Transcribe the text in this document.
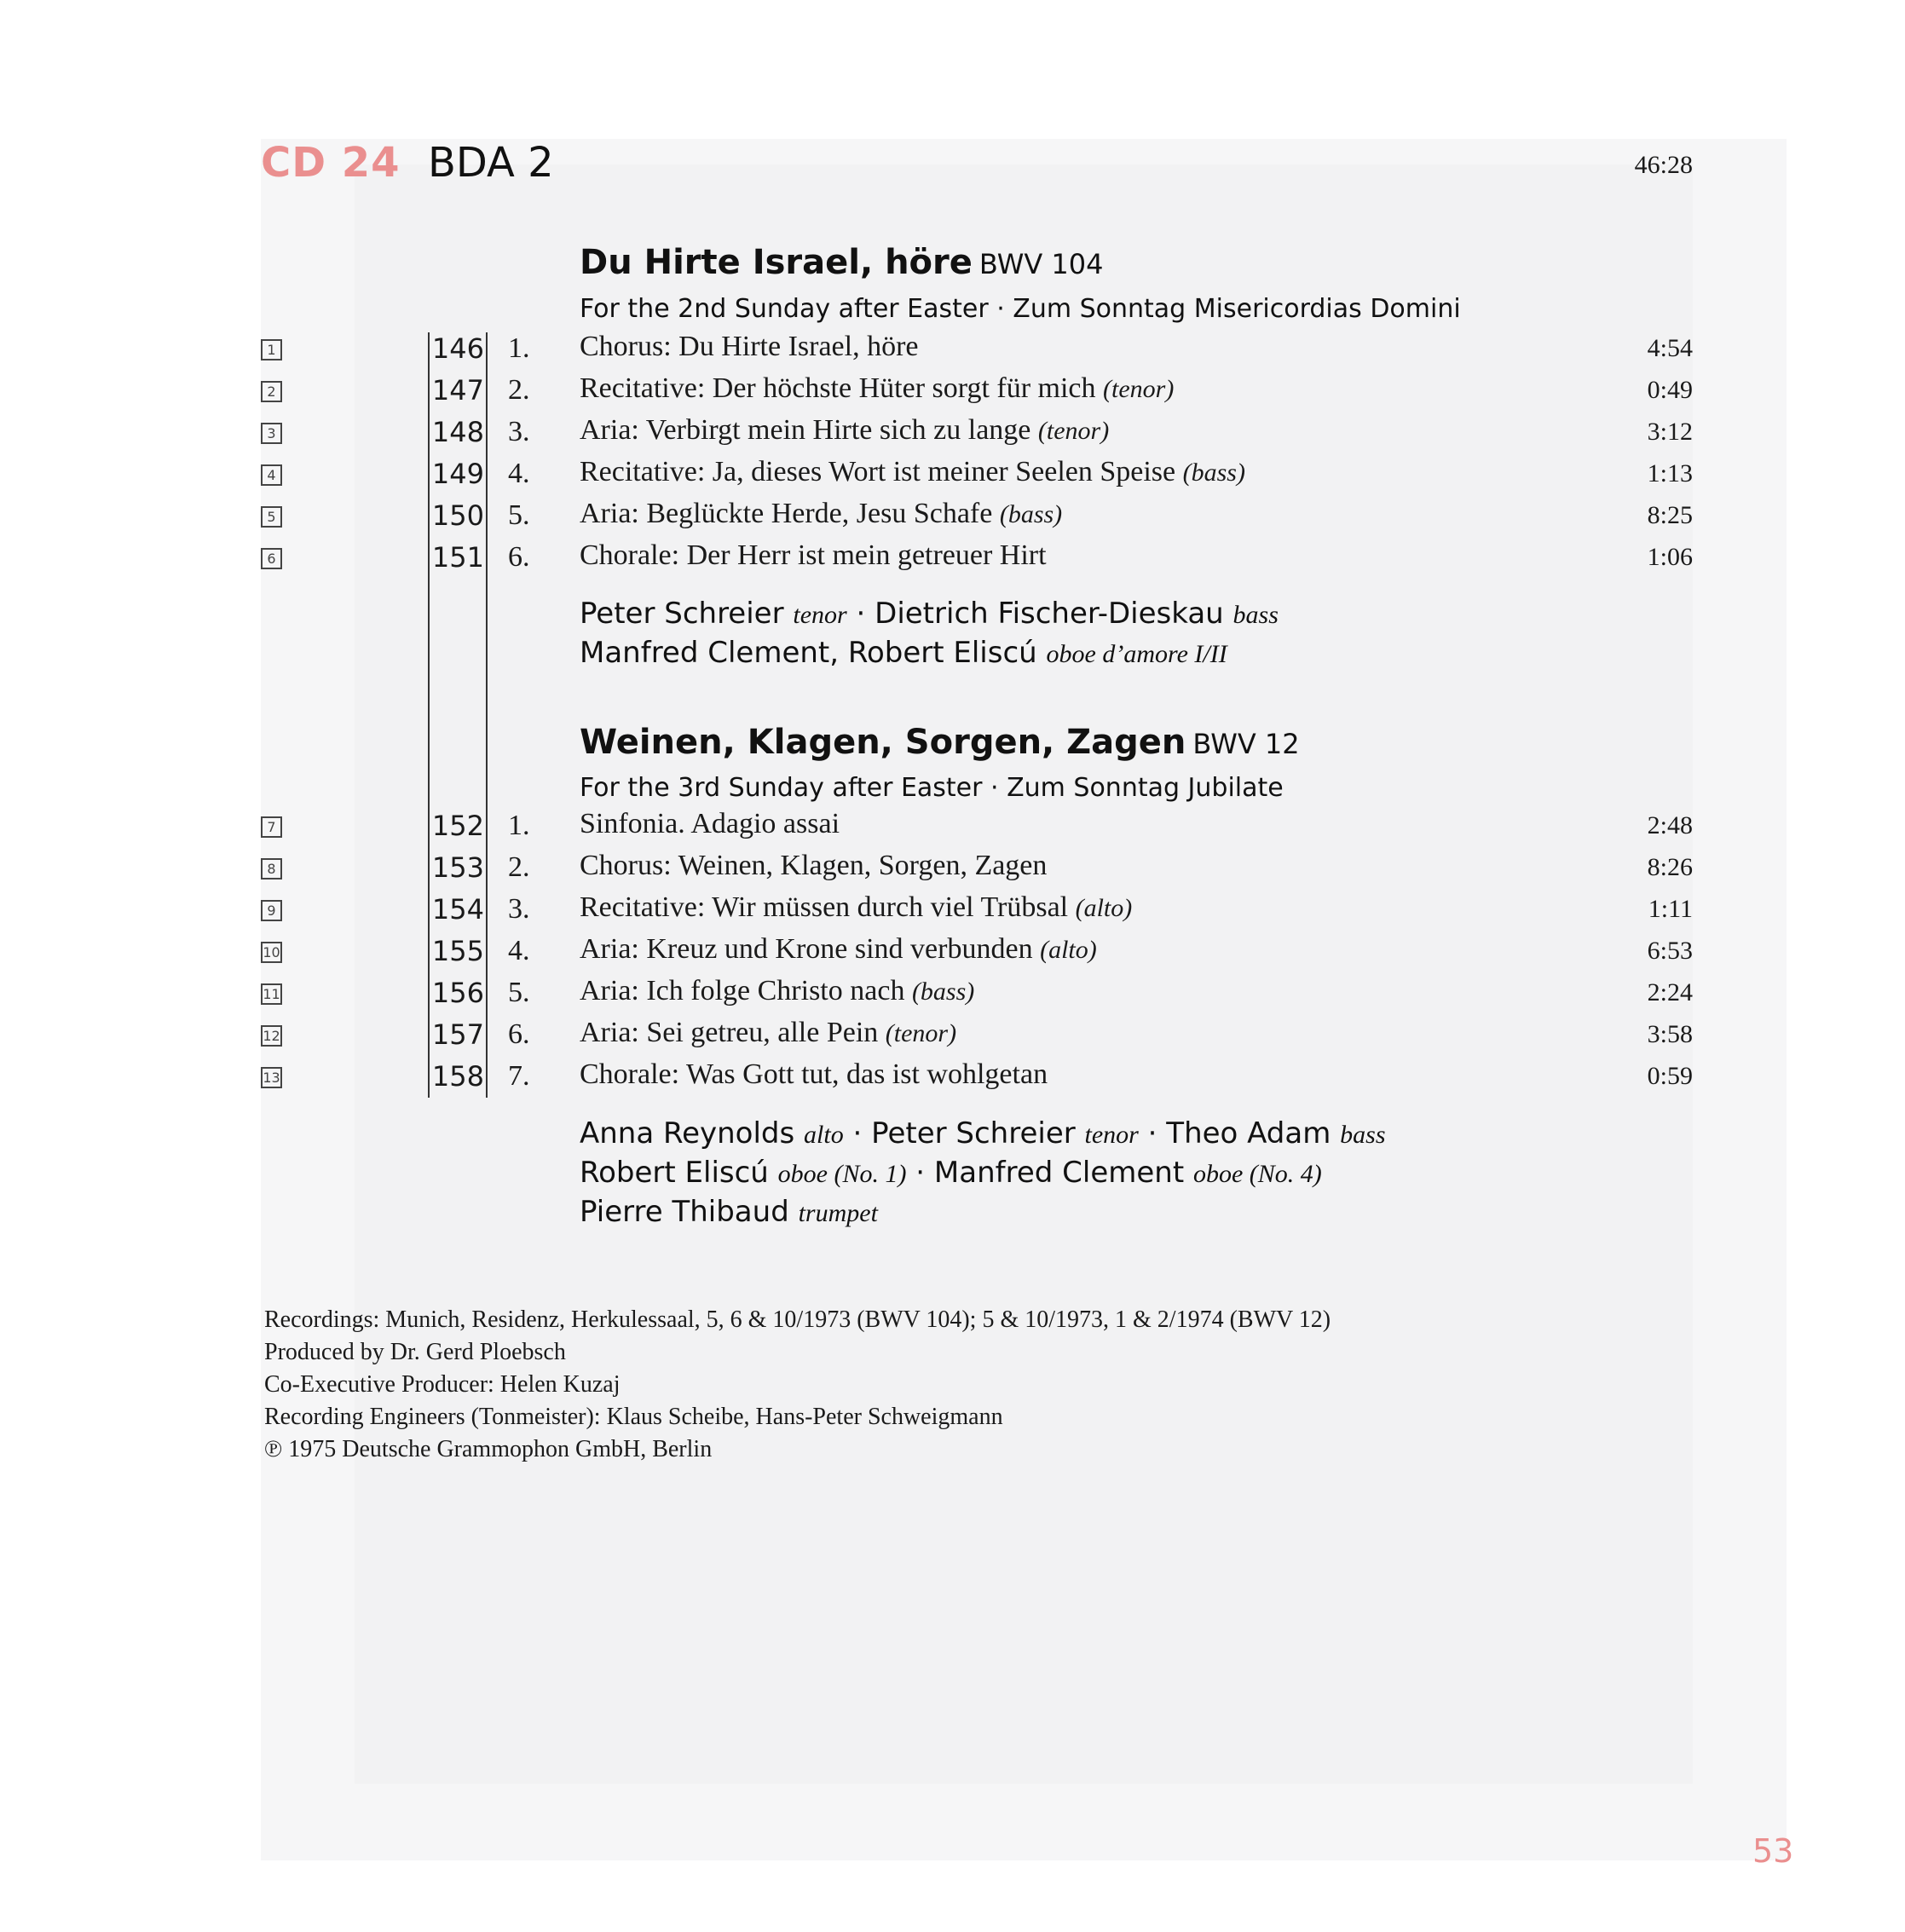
CD 24 BDA 2	46:28
Du Hirte Israel, höre BWV 104
For the 2nd Sunday after Easter · Zum Sonntag Misericordias Domini
1	146 1. Chorus: Du Hirte Israel, höre	4:54
2	147 2. Recitative: Der höchste Hüter sorgt für mich (tenor)	0:49
3	148 3. Aria: Verbirgt mein Hirte sich zu lange (tenor)	3:12
4	149 4. Recitative: Ja, dieses Wort ist meiner Seelen Speise (bass)	1:13
5	150 5. Aria: Beglückte Herde, Jesu Schafe (bass)	8:25
6	151 6. Chorale: Der Herr ist mein getreuer Hirt	1:06
Peter Schreier tenor · Dietrich Fischer-Dieskau bass
Manfred Clement, Robert Eliscú oboe d’amore I/II
Weinen, Klagen, Sorgen, Zagen BWV 12
For the 3rd Sunday after Easter · Zum Sonntag Jubilate
7	152 1. Sinfonia. Adagio assai	2:48
8	153 2. Chorus: Weinen, Klagen, Sorgen, Zagen	8:26
9	154 3. Recitative: Wir müssen durch viel Trübsal (alto)	1:11
10	155 4. Aria: Kreuz und Krone sind verbunden (alto)	6:53
11	156 5. Aria: Ich folge Christo nach (bass)	2:24
12	157 6. Aria: Sei getreu, alle Pein (tenor)	3:58
13	158 7. Chorale: Was Gott tut, das ist wohlgetan	0:59
Anna Reynolds alto · Peter Schreier tenor · Theo Adam bass
Robert Eliscú oboe (No. 1) · Manfred Clement oboe (No. 4)
Pierre Thibaud trumpet
Recordings: Munich, Residenz, Herkulessaal, 5, 6 & 10/1973 (BWV 104); 5 & 10/1973, 1 & 2/1974 (BWV 12)
Produced by Dr. Gerd Ploebsch
Co-Executive Producer: Helen Kuzaj
Recording Engineers (Tonmeister): Klaus Scheibe, Hans-Peter Schweigmann
℗ 1975 Deutsche Grammophon GmbH, Berlin
53
